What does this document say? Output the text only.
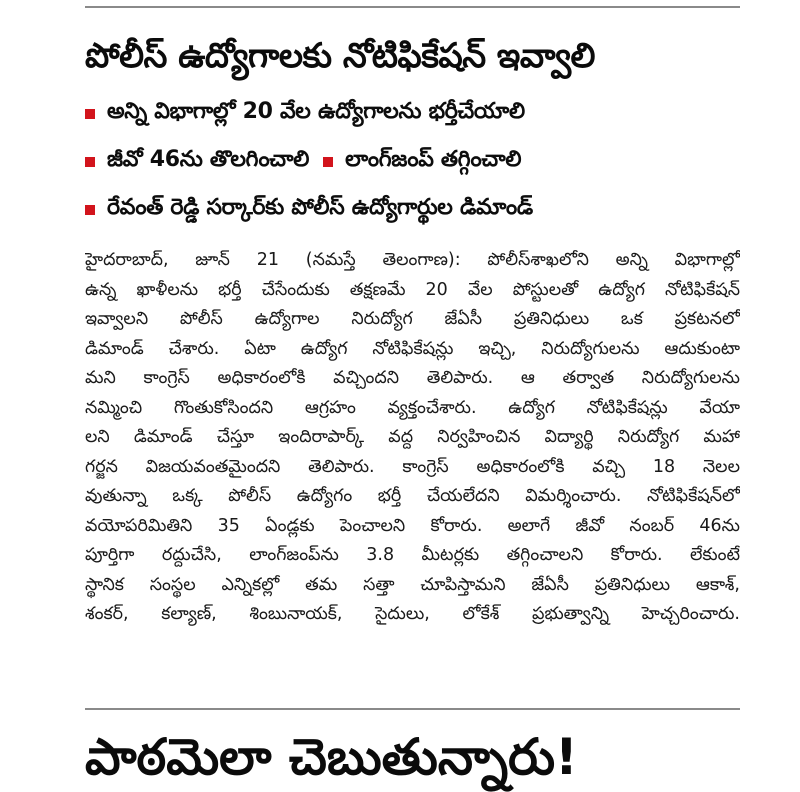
పోలీస్‌ ఉద్యోగాలకు నోటిఫికేషన్‌ ఇవ్వాలి
అన్ని విభాగాల్లో 20 వేల ఉద్యోగాలను భర్తీచేయాలి
జీవో 46ను తొలగించాలి లాంగ్‌జంప్‌ తగ్గించాలి
రేవంత్‌ రెడ్డి సర్కార్‌కు పోలీస్‌ ఉద్యోగార్థుల డిమాండ్‌
హైదరాబాద్‌, జూన్‌ 21 (నమస్తే తెలంగాణ): పోలీస్‌శాఖలోని అన్ని విభాగాల్లో
ఉన్న ఖాళీలను భర్తీ చేసేందుకు తక్షణమే 20 వేల పోస్టులతో ఉద్యోగ నోటిఫికేషన్‌
ఇవ్వాలని పోలీస్‌ ఉద్యోగాల నిరుద్యోగ జేఏసీ ప్రతినిధులు ఒక ప్రకటనలో
డిమాండ్‌ చేశారు. ఏటా ఉద్యోగ నోటిఫికేషన్లు ఇచ్చి, నిరుద్యోగులను ఆదుకుంటా
మని కాంగ్రెస్‌ అధికారంలోకి వచ్చిందని తెలిపారు. ఆ తర్వాత నిరుద్యోగులను
నమ్మించి గొంతుకోసిందని ఆగ్రహం వ్యక్తంచేశారు. ఉద్యోగ నోటిఫికేషన్లు వేయా
లని డిమాండ్‌ చేస్తూ ఇందిరాపార్క్‌ వద్ద నిర్వహించిన విద్యార్థి నిరుద్యోగ మహా
గర్జన విజయవంతమైందని తెలిపారు. కాంగ్రెస్‌ అధికారంలోకి వచ్చి 18 నెలల
వుతున్నా ఒక్క పోలీస్‌ ఉద్యోగం భర్తీ చేయలేదని విమర్శించారు. నోటిఫికేషన్‌లో
వయోపరిమితిని 35 ఏండ్లకు పెంచాలని కోరారు. అలాగే జీవో నంబర్‌ 46ను
పూర్తిగా రద్దుచేసి, లాంగ్‌జంప్‌ను 3.8 మీటర్లకు తగ్గించాలని కోరారు. లేకుంటే
స్థానిక సంస్థల ఎన్నికల్లో తమ సత్తా చూపిస్తామని జేఏసీ ప్రతినిధులు ఆకాశ్‌,
శంకర్‌, కల్యాణ్‌, శింబునాయక్‌, సైదులు, లోకేశ్‌ ప్రభుత్వాన్ని హెచ్చరించారు.
పాఠమెలా చెబుతున్నారు!
